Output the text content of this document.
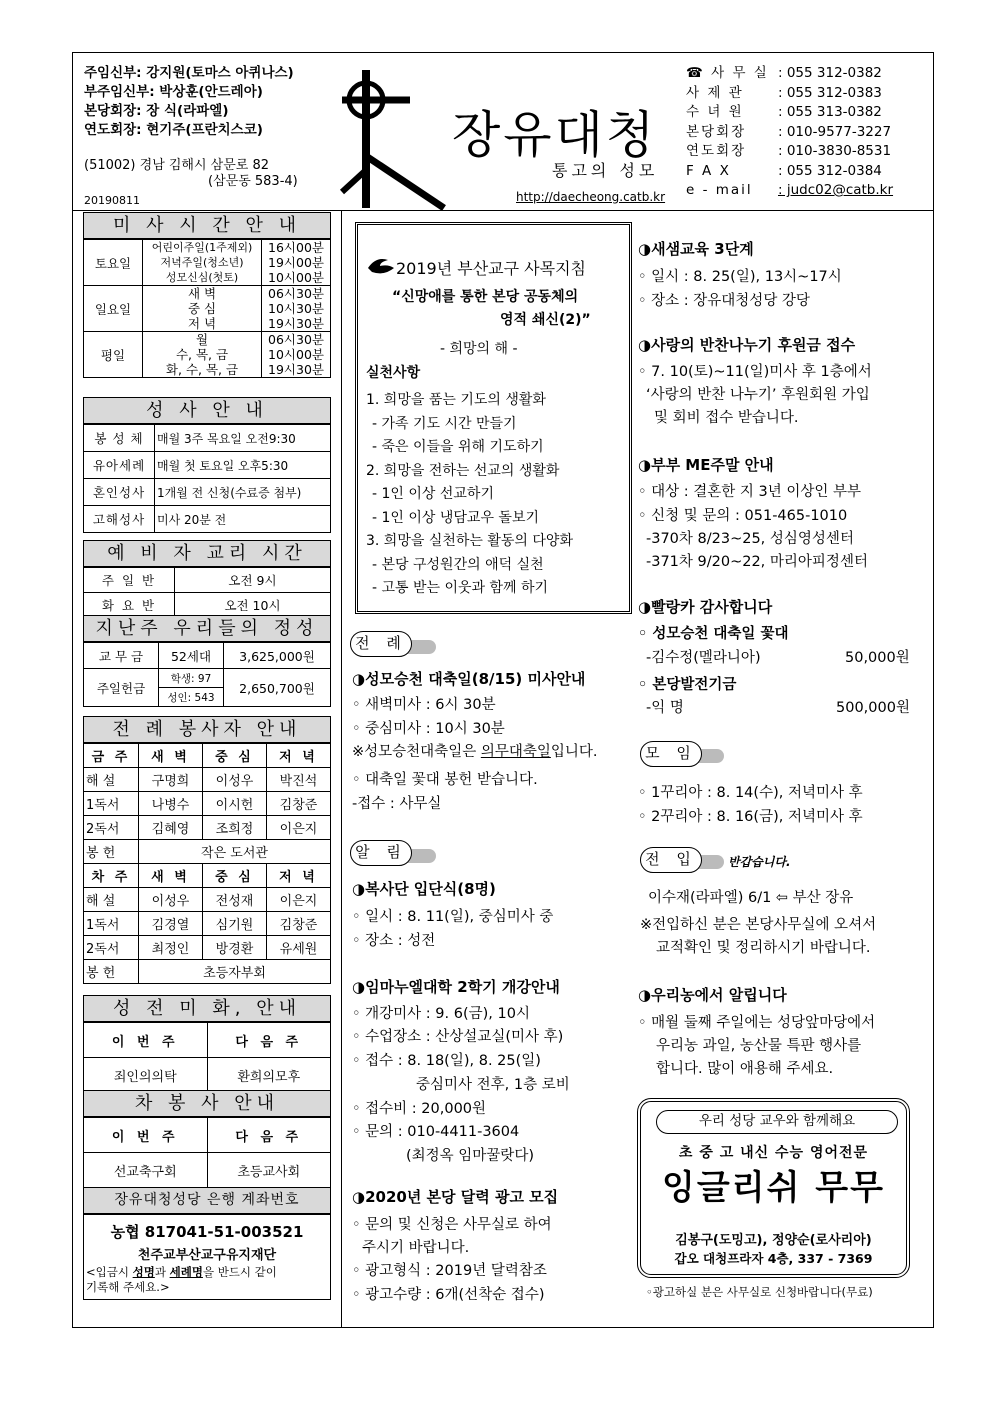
주임신부: 강지원(토마스 아퀴나스)
부주임신부: 박상훈(안드레아)
본당회장: 장 식(라파엘)
연도회장: 현기주(프란치스코)
(51002) 경남 김해시 삼문로 82
(삼문동 583-4)
20190811
장유대청
통고의 성모
http://daecheong.catb.kr
☎ 사 무 실 : 055 312-0382
사 제 관	: 055 312-0383
수 녀 원	: 055 313-0382
본당회장	: 010-9577-3227
연도회장	: 010-3830-8531
F A X	: 055 312-0384
e - mail	: judc02@catb.kr
미 사 시 간 안 내
토요일	어린이주일(1주제외)	16시00분
	저녁주일(청소년)	19시00분
	성모신심(첫토)	10시00분
일요일	새 벽	06시30분
	중 심	10시30분
	저 녁	19시30분
평일	월	06시30분
	수, 목, 금	10시00분
	화, 수, 목, 금	19시30분
성 사 안 내
봉 성 체	매월 3주 목요일 오전9:30
유아세례	매월 첫 토요일 오후5:30
혼인성사	1개월 전 신청(수료증 첨부)
고해성사	미사 20분 전
예 비 자 교리 시간
주 일 반	오전 9시
화 요 반	오전 10시
지난주 우리들의 정성
교 무 금	52세대	3,625,000원
주일헌금	학생: 97	2,650,700원
	성인: 543	
전 례 봉사자 안내
금 주	새 벽	중 심	저 녁
해 설	구명희	이성우	박진석
1독서	나병수	이시헌	김창준
2독서	김혜영	조희정	이은지
봉 헌	작은 도서관		
차 주	새 벽	중 심	저 녁
해 설	이성우	전성재	이은지
1독서	김경열	심기원	김창준
2독서	최정인	방경환	유세원
봉 헌	초등자부회		
성 전 미 화, 안내
이 번 주	다 음 주
죄인의의탁	환희의모후
차 봉 사 안내
이 번 주	다 음 주
선교축구회	초등교사회
장유대청성당 은행 계좌번호
농협 817041-51-003521
천주교부산교구유지재단
<입금시 성명과 세례명을 반드시 같이
기록해 주세요.>
2019년 부산교구 사목지침
“신망애를 통한 본당 공동체의
영적 쇄신(2)”
- 희망의 해 -
실천사항
1. 희망을 품는 기도의 생활화
- 가족 기도 시간 만들기
- 죽은 이들을 위해 기도하기
2. 희망을 전하는 선교의 생활화
- 1인 이상 선교하기
- 1인 이상 냉담교우 돌보기
3. 희망을 실천하는 활동의 다양화
- 본당 구성원간의 애덕 실천
- 고통 받는 이웃과 함께 하기
전 례
◑성모승천 대축일(8/15) 미사안내
◦ 새벽미사 : 6시 30분
◦ 중심미사 : 10시 30분
※성모승천대축일은 의무대축일입니다.
◦ 대축일 꽃대 봉헌 받습니다.
-접수 : 사무실
알 림
◑복사단 입단식(8명)
◦ 일시 : 8. 11(일), 중심미사 중
◦ 장소 : 성전
◑임마누엘대학 2학기 개강안내
◦ 개강미사 : 9. 6(금), 10시
◦ 수업장소 : 산상설교실(미사 후)
◦ 접수 : 8. 18(일), 8. 25(일)
중심미사 전후, 1층 로비
◦ 접수비 : 20,000원
◦ 문의 : 010-4411-3604
(최정옥 임마꿀랏다)
◑2020년 본당 달력 광고 모집
◦ 문의 및 신청은 사무실로 하여
주시기 바랍니다.
◦ 광고형식 : 2019년 달력참조
◦ 광고수량 : 6개(선착순 접수)
◑새샘교육 3단계
◦ 일시 : 8. 25(일), 13시~17시
◦ 장소 : 장유대청성당 강당
◑사랑의 반찬나누기 후원금 접수
◦ 7. 10(토)~11(일)미사 후 1층에서
‘사랑의 반찬 나누기’ 후원회원 가입
및 회비 접수 받습니다.
◑부부 ME주말 안내
◦ 대상 : 결혼한 지 3년 이상인 부부
◦ 신청 및 문의 : 051-465-1010
-370차 8/23~25, 성심영성센터
-371차 9/20~22, 마리아피정센터
◑빨랑카 감사합니다
◦ 성모승천 대축일 꽃대
-김수정(멜라니아)	50,000원
◦ 본당발전기금
-익 명	500,000원
모 임
◦ 1꾸리아 : 8. 14(수), 저녁미사 후
◦ 2꾸리아 : 8. 16(금), 저녁미사 후
전 입	반갑습니다.
이수재(라파엘) 6/1 ⇦ 부산 장유
※전입하신 분은 본당사무실에 오셔서
교적확인 및 정리하시기 바랍니다.
◑우리농에서 알립니다
◦ 매월 둘째 주일에는 성당앞마당에서
우리농 과일, 농산물 특판 행사를
합니다. 많이 애용해 주세요.
우리 성당 교우와 함께해요
초 중 고 내신 수능 영어전문
잉글리쉬 무무
김봉구(도밍고), 정양순(로사리아)
갑오 대청프라자 4층, 337 - 7369
◦광고하실 분은 사무실로 신청바랍니다(무료)
